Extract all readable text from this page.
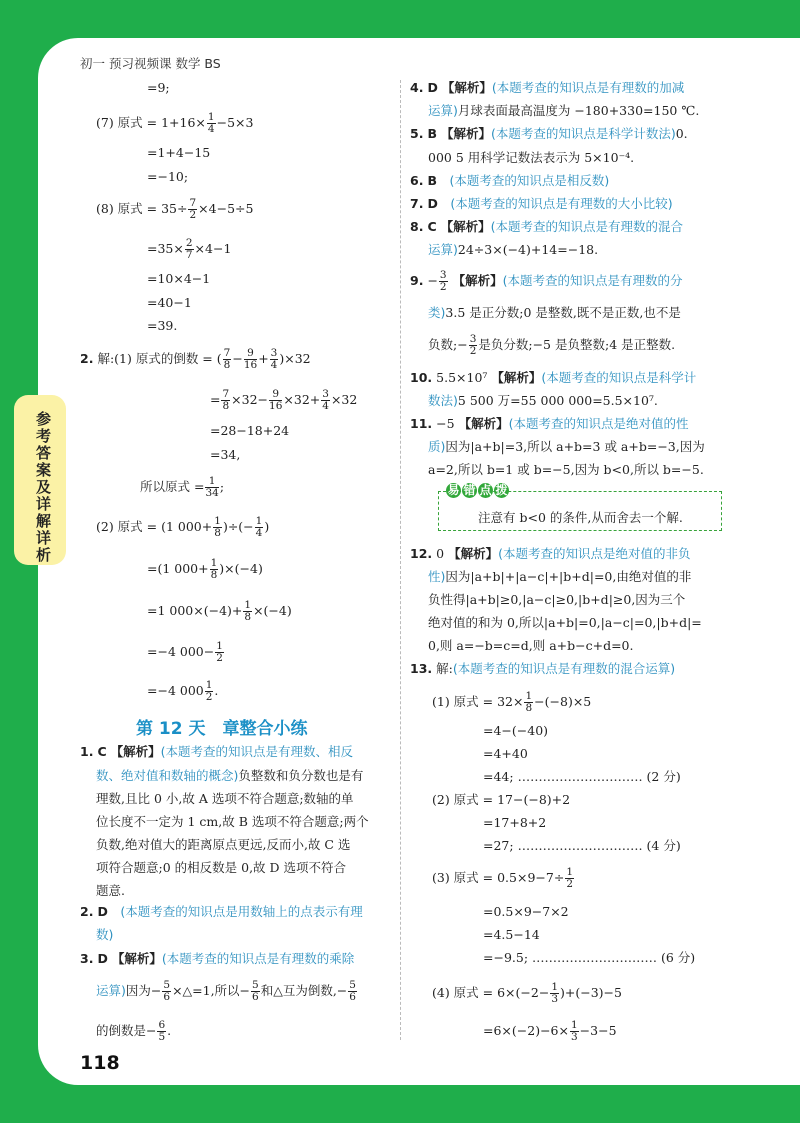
初一 预习视频课 数学 BS
参考答案及详解详析
=9;
(7) 原式 = $1+16\times \frac{1}{4} -5\times 3$
=1+4−15
=−10;
(8) 原式 = $35\div \frac{7}{2} \times 4-5\div 5$
$=35\times \frac{2}{7} \times 4-1$
=10×4−1
=40−1
=39.
2. 解:(1) 原式的倒数 = ( $\frac{7}{8} - \frac{9}{16} + \frac{3}{4} )\times 32$
= $\frac{7}{8} \times 32- \frac{9}{16} \times 32+ \frac{3}{4} \times 32$
=28−18+24
=34,
所以原式 = $\frac{1}{34}$ ;
(2) 原式 = (1 $000+ \frac{1}{8}$ )÷(− $\frac{1}{4}$ )
=(1 $000+ \frac{1}{8} )\times(-4)$
=1 $000\times(-4)+ \frac{1}{8} \times(-4)$
=−4 $000- \frac{1}{2}$
=−4 $000 \frac{1}{2}$ .
第 12 天　章整合小练
1. C 【解析】(本题考查的知识点是有理数、相反
数、绝对值和数轴的概念)负整数和负分数也是有
理数,且比 0 小,故 A 选项不符合题意;数轴的单
位长度不一定为 1 cm,故 B 选项不符合题意;两个
负数,绝对值大的距离原点更远,反而小,故 C 选
项符合题意;0 的相反数是 0,故 D 选项不符合
题意.
2. D　 (本题考查的知识点是用数轴上的点表示有理
数)
3. D 【解析】(本题考查的知识点是有理数的乘除
运算)因为− $\frac{5}{6}$ ×△=1,所以− $\frac{5}{6}$ 和△互为倒数,− $\frac{5}{6}$
的倒数是− $\frac{6}{5}$ .
4. D 【解析】(本题考查的知识点是有理数的加减
运算)月球表面最高温度为 −180+330=150 ℃.
5. B 【解析】(本题考查的知识点是科学计数法)0.
000 5 用科学记数法表示为 5×10⁻⁴.
6. B　 (本题考查的知识点是相反数)
7. D　 (本题考查的知识点是有理数的大小比较)
8. C 【解析】(本题考查的知识点是有理数的混合
运算)24÷3×(−4)+14=−18.
9. − $\frac{3}{2}$ 【解析】(本题考查的知识点是有理数的分
类)3.5 是正分数;0 是整数,既不是正数,也不是
负数;− $\frac{3}{2}$ 是负分数;−5 是负整数;4 是正整数.
10. 5.5×10⁷ 【解析】(本题考查的知识点是科学计
数法)5 500 万=55 000 000=5.5×10⁷.
11. −5 【解析】(本题考查的知识点是绝对值的性
质)因为|a+b|=3,所以 a+b=3 或 a+b=−3,因为
a=2,所以 b=1 或 b=−5,因为 b<0,所以 b=−5.
易 错 点 拨
注意有 b<0 的条件,从而舍去一个解.
12. 0 【解析】(本题考查的知识点是绝对值的非负
性)因为|a+b|+|a−c|+|b+d|=0,由绝对值的非
负性得|a+b|≥0,|a−c|≥0,|b+d|≥0,因为三个
绝对值的和为 0,所以|a+b|=0,|a−c|=0,|b+d|=
0,则 a=−b=c=d,则 a+b−c+d=0.
13. 解:(本题考查的知识点是有理数的混合运算)
(1) 原式 = $32\times \frac{1}{8} -(-8)\times 5$
=4−(−40)
=4+40
=44; ………………………… (2 分)
(2) 原式 = 17−(−8)+2
=17+8+2
=27; ………………………… (4 分)
(3) 原式 = $0.5\times 9-7\div \frac{1}{2}$
=0.5×9−7×2
=4.5−14
=−9.5; ………………………… (6 分)
(4) 原式 = $6\times(-2- \frac{1}{3} )+(-3)-5$
$=6\times(-2)-6\times \frac{1}{3} -3-5$
118
